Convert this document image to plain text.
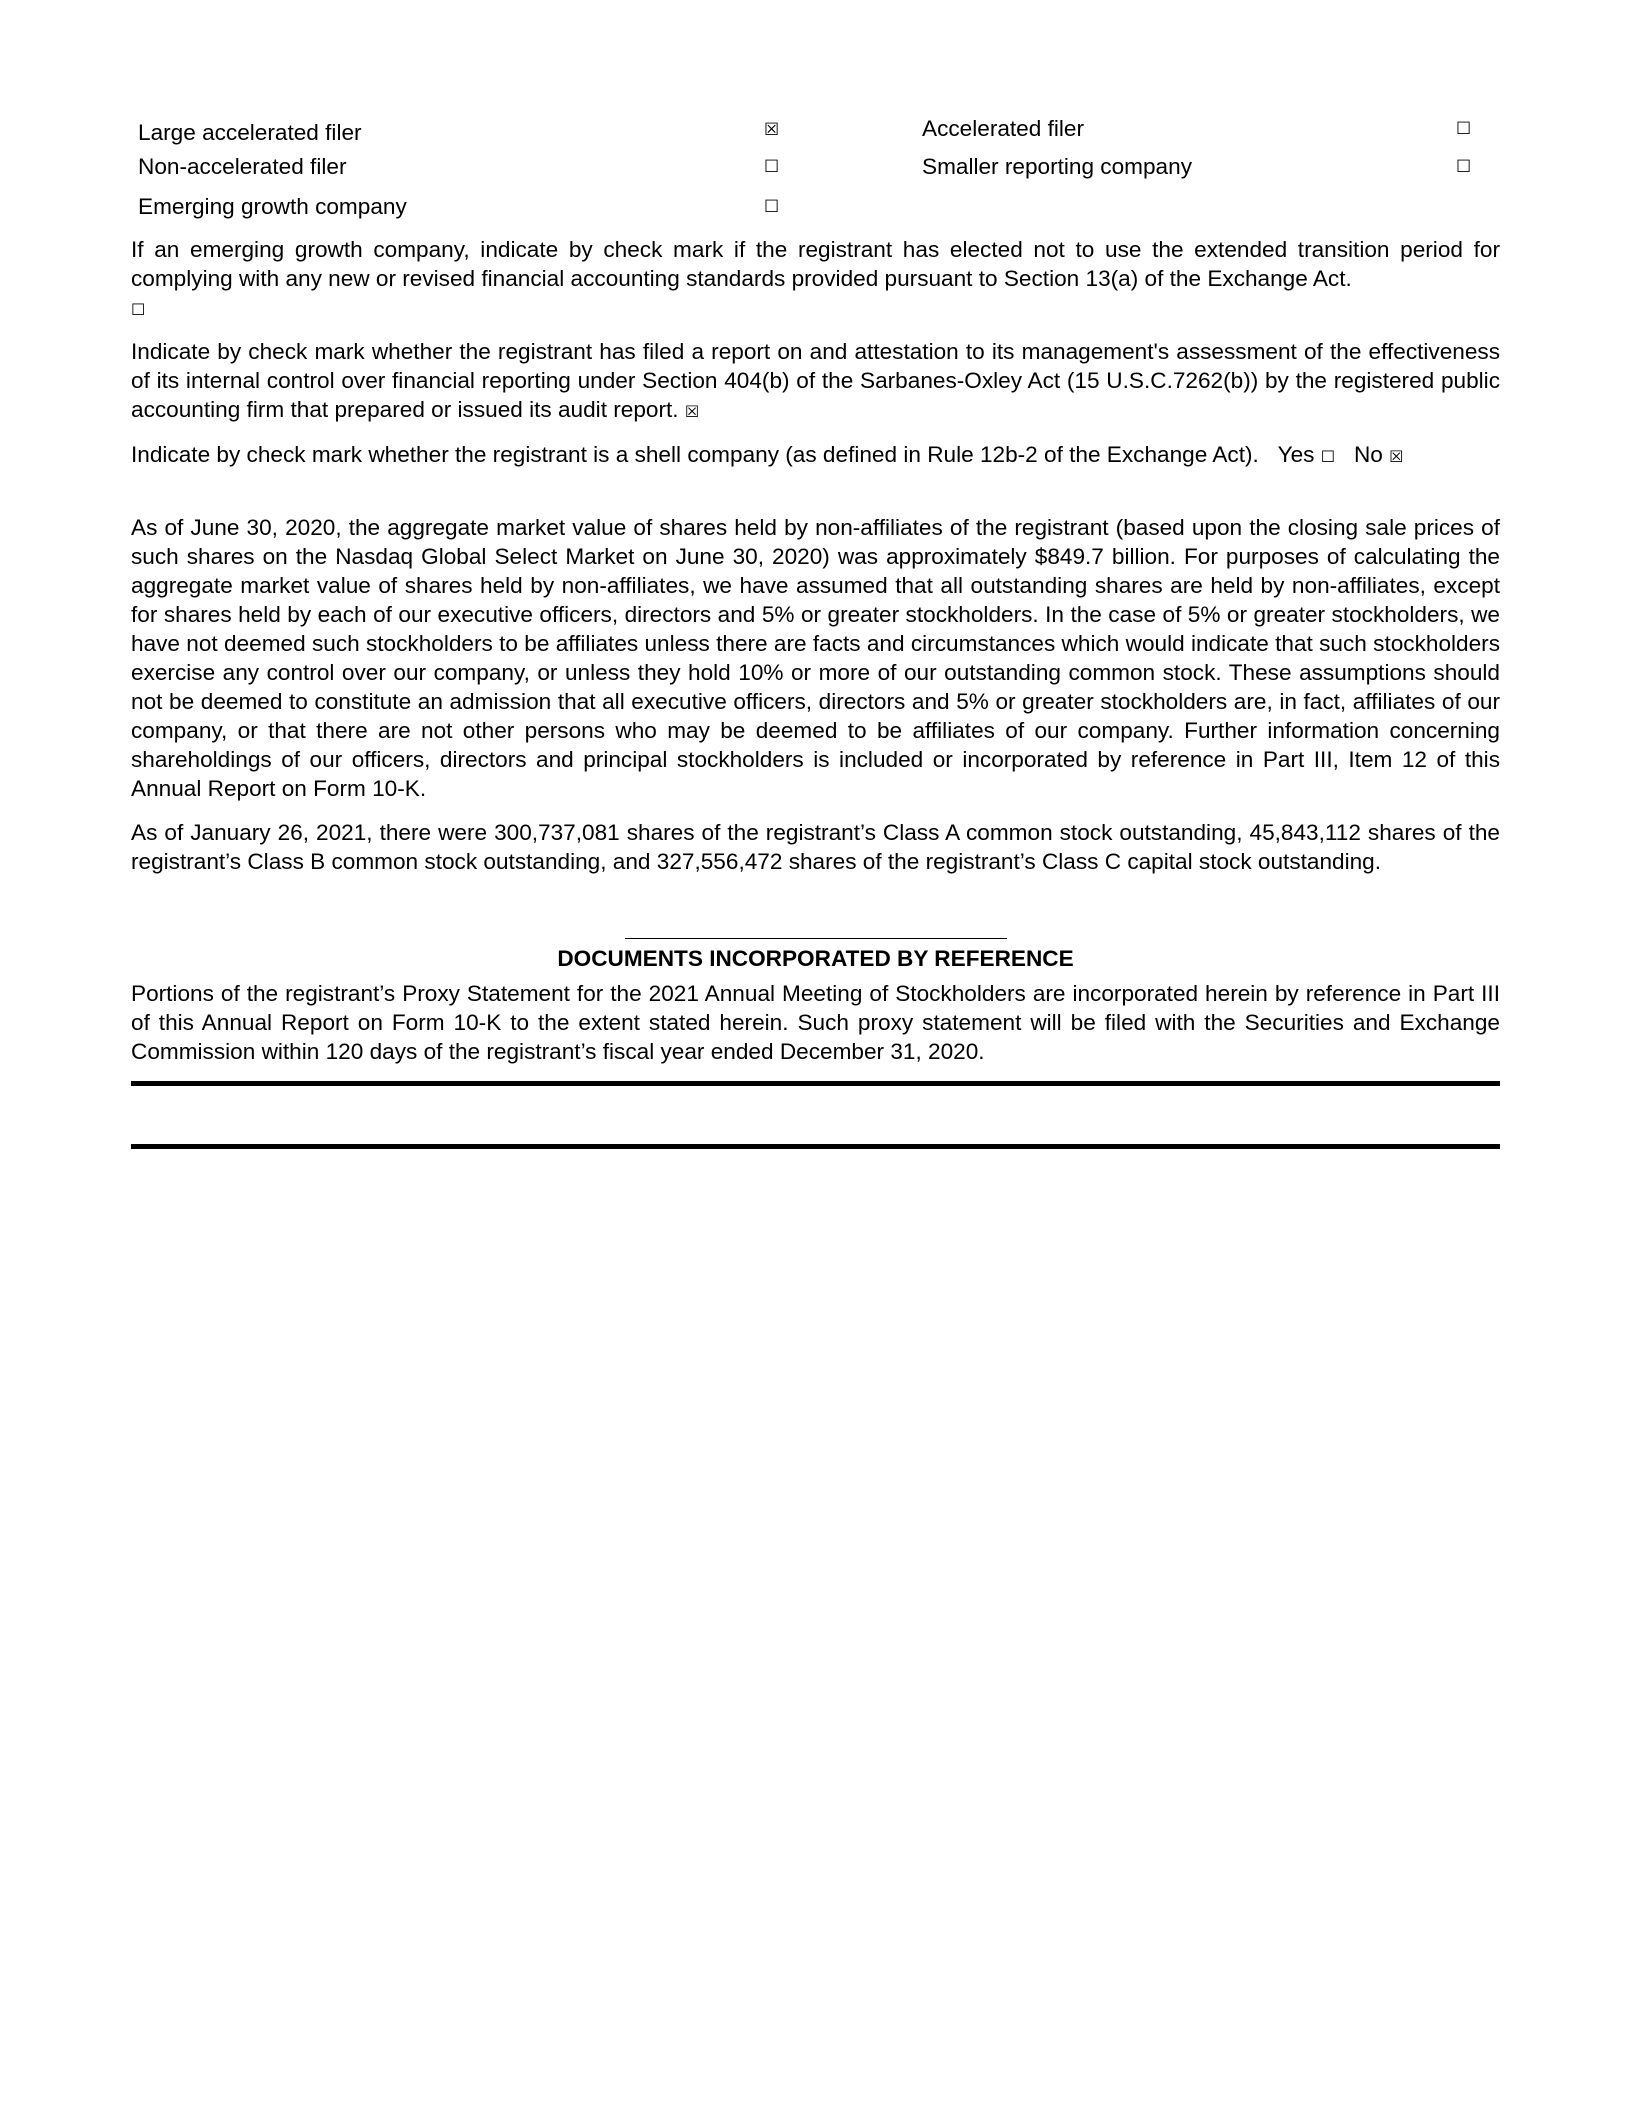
Large accelerated filer	☒	Accelerated filer	☐
Non-accelerated filer	☐	Smaller reporting company	☐
Emerging growth company	☐
If an emerging growth company, indicate by check mark if the registrant has elected not to use the extended transition period for complying with any new or revised financial accounting standards provided pursuant to Section 13(a) of the Exchange Act.
☐
Indicate by check mark whether the registrant has filed a report on and attestation to its management's assessment of the effectiveness of its internal control over financial reporting under Section 404(b) of the Sarbanes-Oxley Act (15 U.S.C.7262(b)) by the registered public accounting firm that prepared or issued its audit report. ☒
Indicate by check mark whether the registrant is a shell company (as defined in Rule 12b-2 of the Exchange Act). Yes ☐ No ☒
As of June 30, 2020, the aggregate market value of shares held by non-affiliates of the registrant (based upon the closing sale prices of such shares on the Nasdaq Global Select Market on June 30, 2020) was approximately $849.7 billion. For purposes of calculating the aggregate market value of shares held by non-affiliates, we have assumed that all outstanding shares are held by non-affiliates, except for shares held by each of our executive officers, directors and 5% or greater stockholders. In the case of 5% or greater stockholders, we have not deemed such stockholders to be affiliates unless there are facts and circumstances which would indicate that such stockholders exercise any control over our company, or unless they hold 10% or more of our outstanding common stock. These assumptions should not be deemed to constitute an admission that all executive officers, directors and 5% or greater stockholders are, in fact, affiliates of our company, or that there are not other persons who may be deemed to be affiliates of our company. Further information concerning shareholdings of our officers, directors and principal stockholders is included or incorporated by reference in Part III, Item 12 of this Annual Report on Form 10-K.
As of January 26, 2021, there were 300,737,081 shares of the registrant’s Class A common stock outstanding, 45,843,112 shares of the registrant’s Class B common stock outstanding, and 327,556,472 shares of the registrant’s Class C capital stock outstanding.
DOCUMENTS INCORPORATED BY REFERENCE
Portions of the registrant’s Proxy Statement for the 2021 Annual Meeting of Stockholders are incorporated herein by reference in Part III of this Annual Report on Form 10-K to the extent stated herein. Such proxy statement will be filed with the Securities and Exchange Commission within 120 days of the registrant’s fiscal year ended December 31, 2020.
